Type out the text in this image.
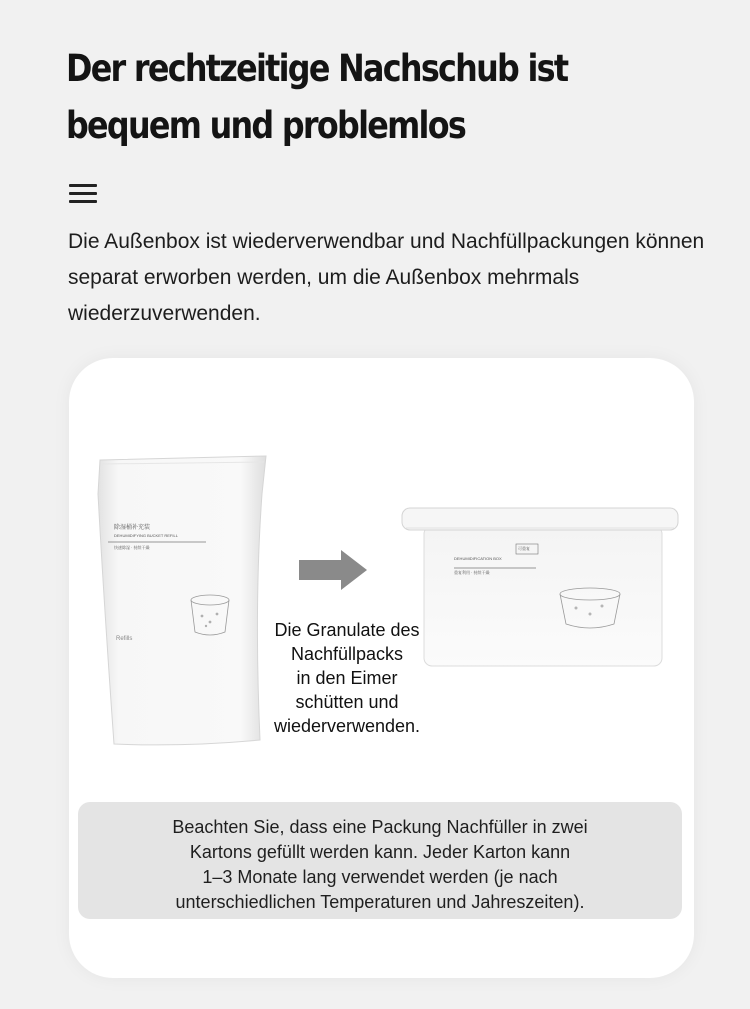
Der rechtzeitige Nachschub ist
bequem und problemlos

Die Außenbox ist wiederverwendbar und Nachfüllpackungen können separat erworben werden, um die Außenbox mehrmals wiederzuverwenden.

除湿桶补充装
DEHUMIDIFYING BUCKET REFILL
快速除湿 · 持续干燥
Refills
DEHUMIDIFICATION BOX
重复利用 · 持续干燥
可重复

Die Granulate des
Nachfüllpacks
in den Eimer
schütten und
wiederverwenden.

Beachten Sie, dass eine Packung Nachfüller in zwei
Kartons gefüllt werden kann. Jeder Karton kann
1–3 Monate lang verwendet werden (je nach
unterschiedlichen Temperaturen und Jahreszeiten).
